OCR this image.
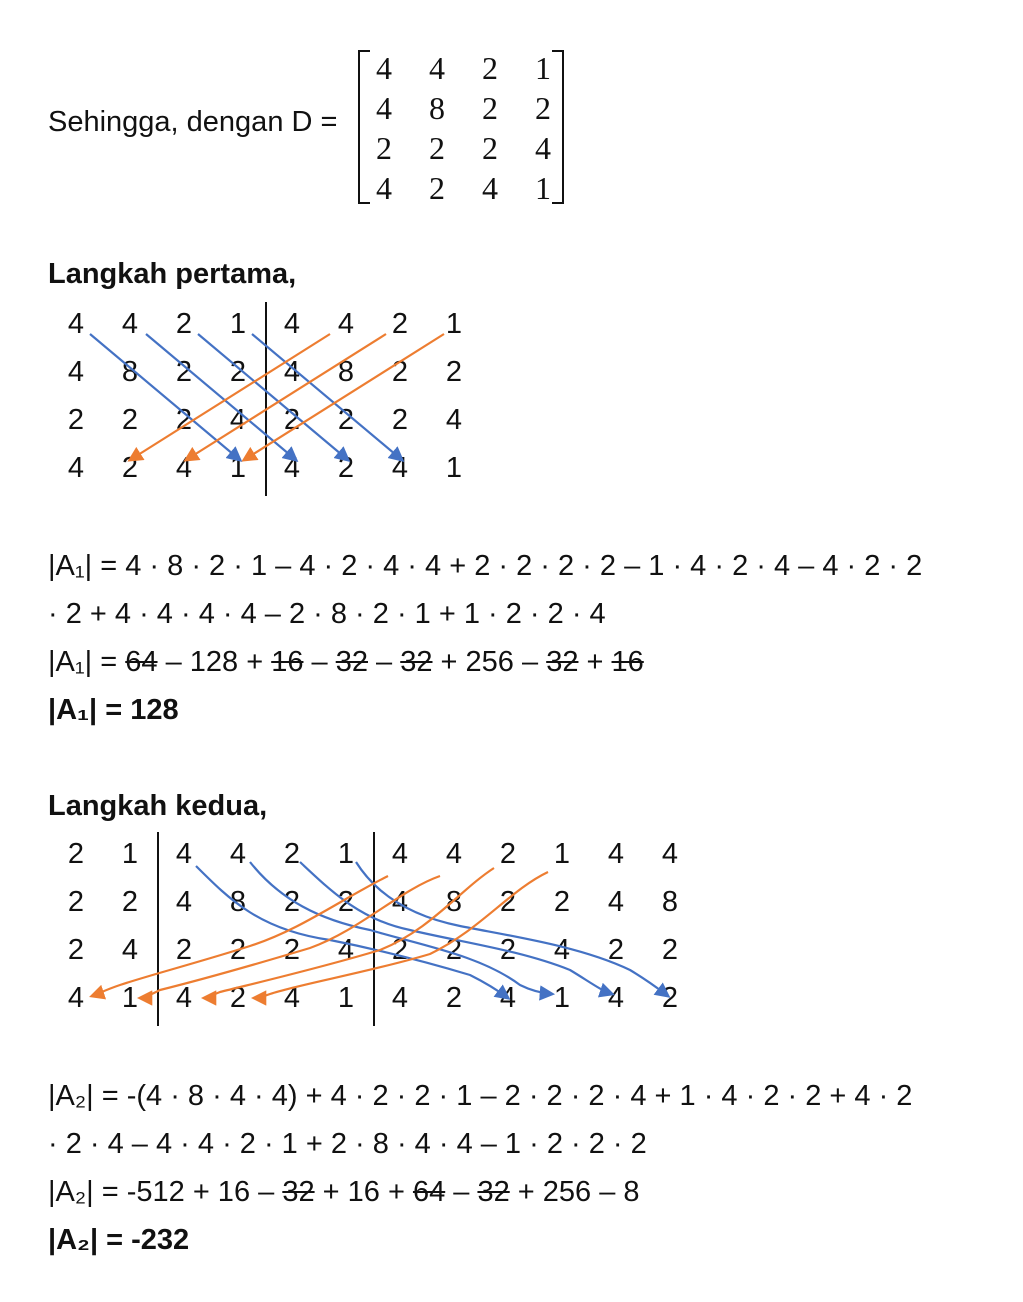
Sehingga, dengan D =
4	4	2	1
4	8	2	2
2	2	2	4
4	2	4	1
Langkah pertama,
4	4	2	1	4	4	2	1
4	8	2	2	4	8	2	2
2	2	2	4	2	2	2	4
4	2	4	1	4	2	4	1
|A₁| = 4 · 8 · 2 · 1 – 4 · 2 · 4 · 4 + 2 · 2 · 2 · 2 – 1 · 4 · 2 · 4 – 4 · 2 · 2
· 2 + 4 · 4 · 4 · 4 – 2 · 8 · 2 · 1 + 1 · 2 · 2 · 4
|A₁| = 64 – 128 + 16 – 32 – 32 + 256 – 32 + 16
|A₁| = 128
Langkah kedua,
2	1	4	4	2	1	4	4	2	1	4	4
2	2	4	8	2	2	4	8	2	2	4	8
2	4	2	2	2	4	2	2	2	4	2	2
4	1	4	2	4	1	4	2	4	1	4	2
|A₂| = -(4 · 8 · 4 · 4) + 4 · 2 · 2 · 1 – 2 · 2 · 2 · 4 + 1 · 4 · 2 · 2 + 4 · 2
· 2 · 4 – 4 · 4 · 2 · 1 + 2 · 8 · 4 · 4 – 1 · 2 · 2 · 2
|A₂| = -512 + 16 – 32 + 16 + 64 – 32 + 256 – 8
|A₂| = -232
